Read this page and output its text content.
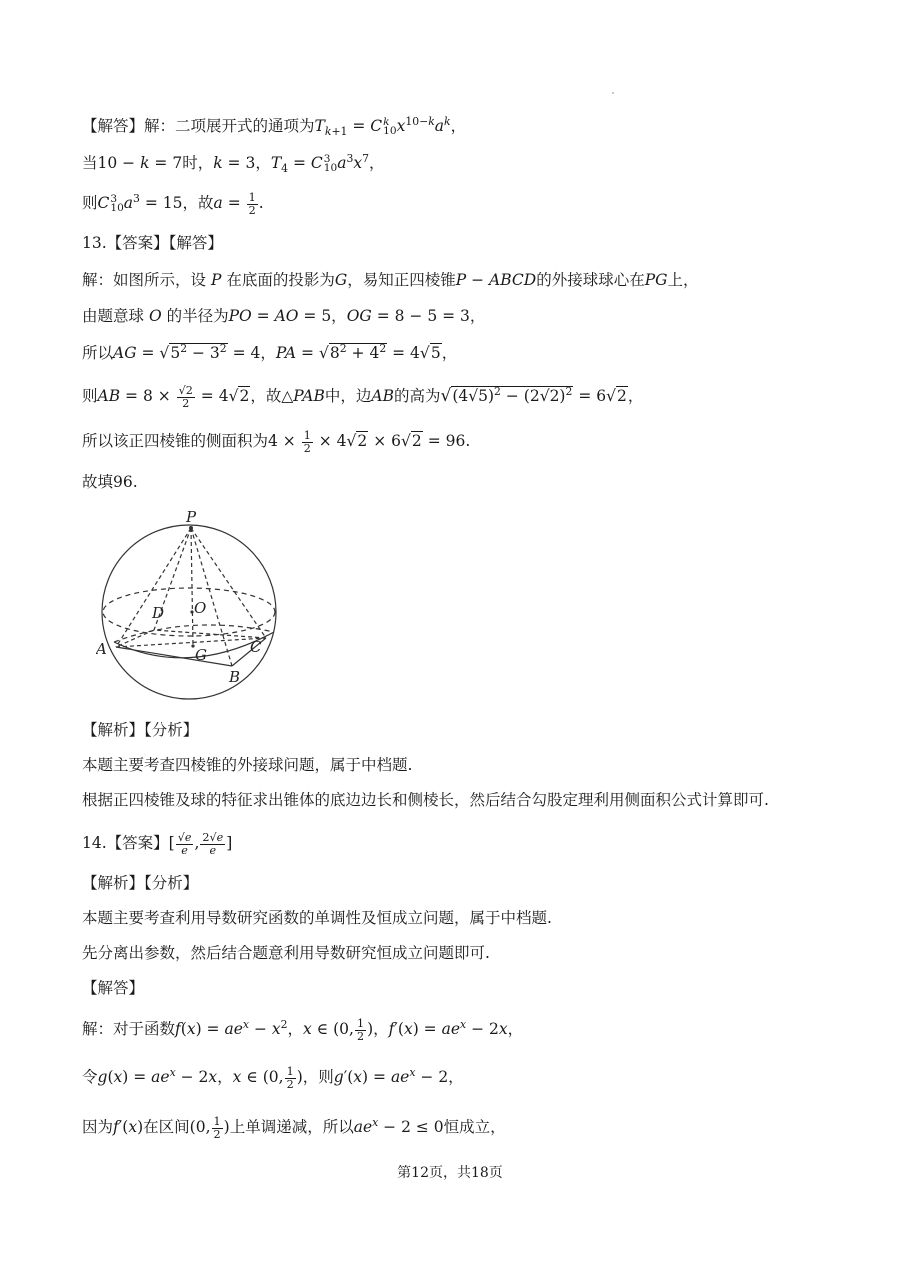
【解答】解：二项展开式的通项为$T_{k+1} = C$ k
10 $x^{10-k}a^k$，
当10 − k = 7时，k = 3，$T_4 = C$ 3
10 $a^3x^7$，
则C 3
10 $a^3 = 15$，故$a = \frac{1}{2}$ .
13.【答案】【解答】
解：如图所示，设 P 在底面的投影为G，易知正四棱锥P − ABCD的外接球球心在PG上，
由题意球 O 的半径为PO = AO = 5，OG = 8 − 5 = 3，
所以AG = $√5^2 - 3^2 = 4$，PA = $√8^2 + 4^2 = 4√5$，
则AB = $8 \times \frac{√2}{2} = 4√2$，故△PAB中，边AB的高为$√(4√5)^2 - (2√2)^2 = 6√2$，
所以该正四棱锥的侧面积为$4 \times \frac{1}{2} \times 4√2 \times 6√2 = 96$.
故填96.
P
D O
A	G	C
B
【解析】【分析】
本题主要考查四棱锥的外接球问题，属于中档题.
根据正四棱锥及球的特征求出锥体的底边边长和侧棱长，然后结合勾股定理利用侧面积公式计算即可.
14.【答案】[ $\frac{√e}{e}$ , $\frac{2√e}{e}$ ]
【解析】【分析】
本题主要考查利用导数研究函数的单调性及恒成立问题，属于中档题.
先分离出参数，然后结合题意利用导数研究恒成立问题即可.
【解答】
解：对于函数$f(x) = ae^x - x^2$，x ∈ (0, $\frac{1}{2}$ )，$f'(x) = ae^x - 2x$，
令$g(x) = ae^x - 2x$，x ∈ (0, $\frac{1}{2}$ )，则$g'(x) = ae^x - 2$，
因为f′(x)在区间(0, $\frac{1}{2}$ )上单调递减，所以$ae^x - 2 \le 0$恒成立，
第12页，共18页
